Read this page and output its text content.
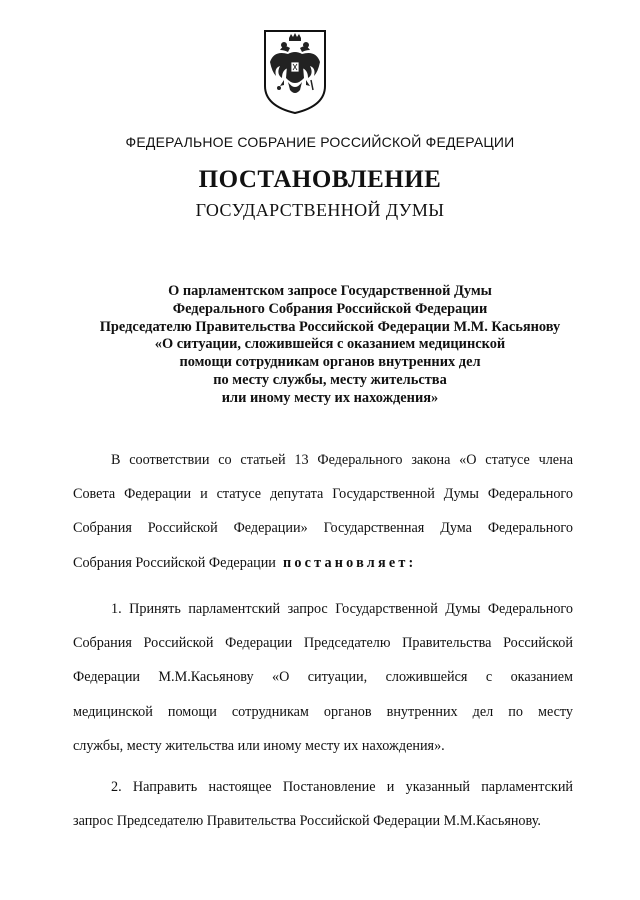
ФЕДЕРАЛЬНОЕ СОБРАНИЕ РОССИЙСКОЙ ФЕДЕРАЦИИ
ПОСТАНОВЛЕНИЕ
ГОСУДАРСТВЕННОЙ ДУМЫ
О парламентском запросе Государственной Думы
Федерального Собрания Российской Федерации
Председателю Правительства Российской Федерации М.М. Касьянову
«О ситуации, сложившейся с оказанием медицинской
помощи сотрудникам органов внутренних дел
по месту службы, месту жительства
или иному месту их нахождения»
В соответствии со статьей 13 Федерального закона «О статусе члена
Совета Федерации и статусе депутата Государственной Думы Федерального
Собрания Российской Федерации» Государственная Дума Федерального
Собрания Российской Федерации постановляет:
1. Принять парламентский запрос Государственной Думы Федерального
Собрания Российской Федерации Председателю Правительства Российской
Федерации М.М.Касьянову «О ситуации, сложившейся с оказанием
медицинской помощи сотрудникам органов внутренних дел по месту
службы, месту жительства или иному месту их нахождения».
2. Направить настоящее Постановление и указанный парламентский
запрос Председателю Правительства Российской Федерации М.М.Касьянову.
